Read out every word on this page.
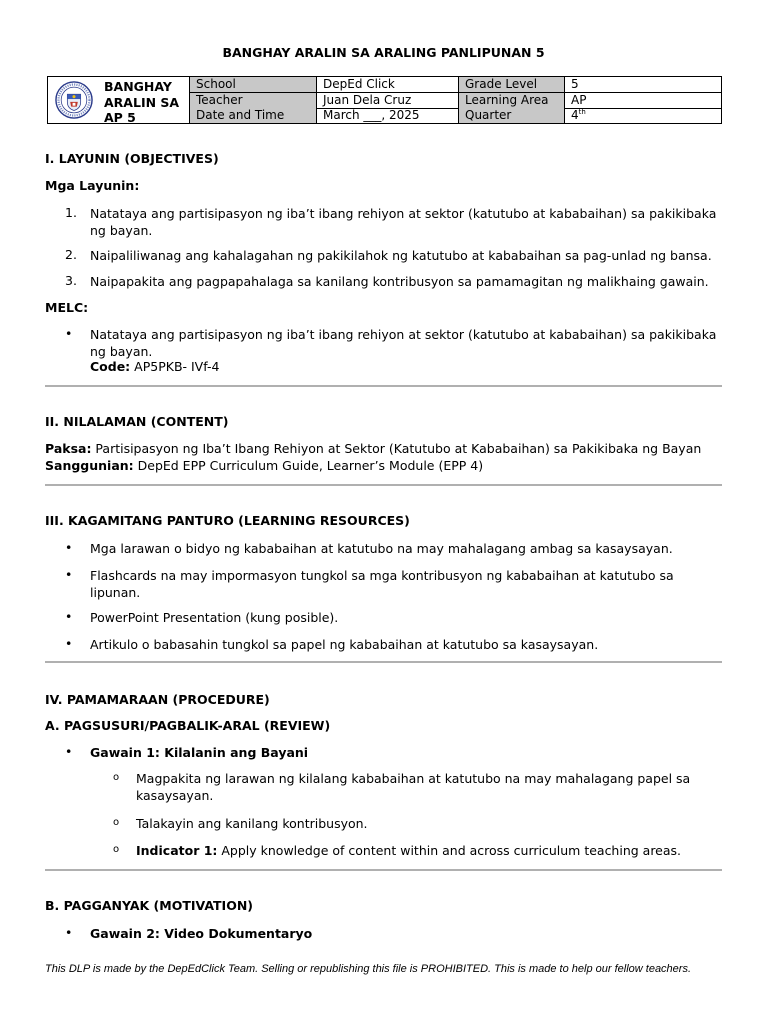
BANGHAY ARALIN SA ARALING PANLIPUNAN 5
BANGHAY
ARALIN SA
AP 5
School	DepEd Click	Grade Level	5
Teacher	Juan Dela Cruz	Learning Area	AP
Date and Time	March ___, 2025	Quarter	4th
I. LAYUNIN (OBJECTIVES)
Mga Layunin:
1.	Natataya ang partisipasyon ng iba’t ibang rehiyon at sektor (katutubo at kababaihan) sa pakikibaka ng bayan.
2.	Naipaliliwanag ang kahalagahan ng pakikilahok ng katutubo at kababaihan sa pag-unlad ng bansa.
3.	Naipapakita ang pagpapahalaga sa kanilang kontribusyon sa pamamagitan ng malikhaing gawain.
MELC:
• Natataya ang partisipasyon ng iba’t ibang rehiyon at sektor (katutubo at kababaihan) sa pakikibaka ng bayan.
Code: AP5PKB- IVf-4
II. NILALAMAN (CONTENT)
Paksa: Partisipasyon ng Iba’t Ibang Rehiyon at Sektor (Katutubo at Kababaihan) sa Pakikibaka ng Bayan
Sanggunian: DepEd EPP Curriculum Guide, Learner’s Module (EPP 4)
III. KAGAMITANG PANTURO (LEARNING RESOURCES)
• Mga larawan o bidyo ng kababaihan at katutubo na may mahalagang ambag sa kasaysayan.
• Flashcards na may impormasyon tungkol sa mga kontribusyon ng kababaihan at katutubo sa lipunan.
• PowerPoint Presentation (kung posible).
• Artikulo o babasahin tungkol sa papel ng kababaihan at katutubo sa kasaysayan.
IV. PAMAMARAAN (PROCEDURE)
A. PAGSUSURI/PAGBALIK-ARAL (REVIEW)
• Gawain 1: Kilalanin ang Bayani
o Magpakita ng larawan ng kilalang kababaihan at katutubo na may mahalagang papel sa kasaysayan.
o Talakayin ang kanilang kontribusyon.
o Indicator 1: Apply knowledge of content within and across curriculum teaching areas.
B. PAGGANYAK (MOTIVATION)
• Gawain 2: Video Dokumentaryo
This DLP is made by the DepEdClick Team. Selling or republishing this file is PROHIBITED. This is made to help our fellow teachers.
